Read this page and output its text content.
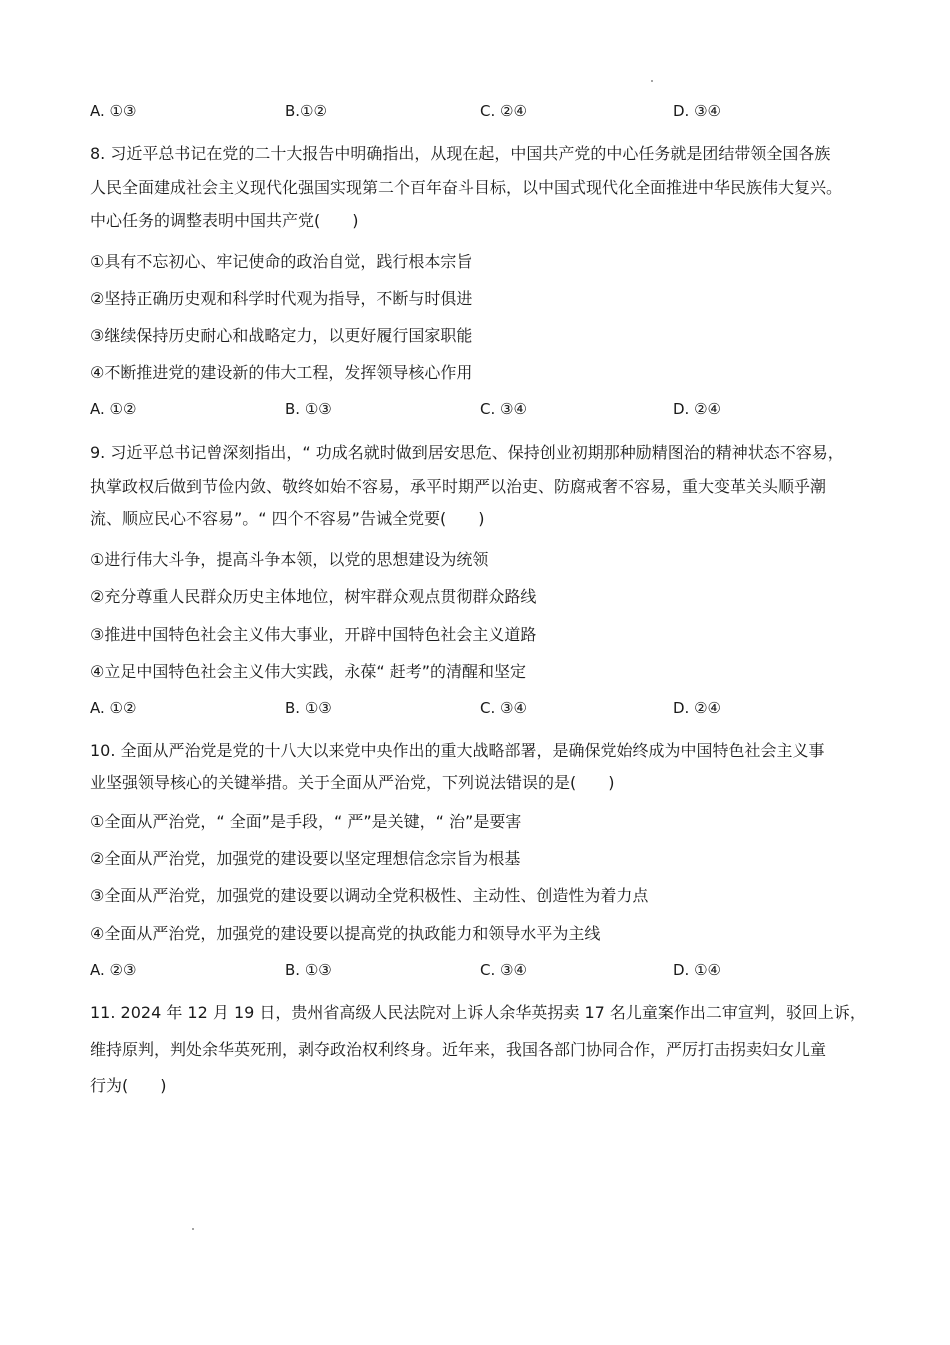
A. ①③	B.①②	C. ②④	D. ③④
8. 习近平总书记在党的二十大报告中明确指出，从现在起，中国共产党的中心任务就是团结带领全国各族
人民全面建成社会主义现代化强国实现第二个百年奋斗目标，以中国式现代化全面推进中华民族伟大复兴。
中心任务的调整表明中国共产党(　　)
①具有不忘初心、牢记使命的政治自觉，践行根本宗旨
②坚持正确历史观和科学时代观为指导，不断与时俱进
③继续保持历史耐心和战略定力，以更好履行国家职能
④不断推进党的建设新的伟大工程，发挥领导核心作用
A. ①②	B. ①③	C. ③④	D. ②④
9. 习近平总书记曾深刻指出，“ 功成名就时做到居安思危、保持创业初期那种励精图治的精神状态不容易，
执掌政权后做到节俭内敛、敬终如始不容易，承平时期严以治吏、防腐戒奢不容易，重大变革关头顺乎潮
流、顺应民心不容易”。“ 四个不容易”告诫全党要(　　)
①进行伟大斗争，提高斗争本领，以党的思想建设为统领
②充分尊重人民群众历史主体地位，树牢群众观点贯彻群众路线
③推进中国特色社会主义伟大事业，开辟中国特色社会主义道路
④立足中国特色社会主义伟大实践，永葆“ 赶考”的清醒和坚定
A. ①②	B. ①③	C. ③④	D. ②④
10. 全面从严治党是党的十八大以来党中央作出的重大战略部署，是确保党始终成为中国特色社会主义事
业坚强领导核心的关键举措。关于全面从严治党，下列说法错误的是(　　)
①全面从严治党，“ 全面”是手段，“ 严”是关键，“ 治”是要害
②全面从严治党，加强党的建设要以坚定理想信念宗旨为根基
③全面从严治党，加强党的建设要以调动全党积极性、主动性、创造性为着力点
④全面从严治党，加强党的建设要以提高党的执政能力和领导水平为主线
A. ②③	B. ①③	C. ③④	D. ①④
11. 2024 年 12 月 19 日，贵州省高级人民法院对上诉人余华英拐卖 17 名儿童案作出二审宣判，驳回上诉，
维持原判，判处余华英死刑，剥夺政治权利终身。近年来，我国各部门协同合作，严厉打击拐卖妇女儿童
行为(　　)
